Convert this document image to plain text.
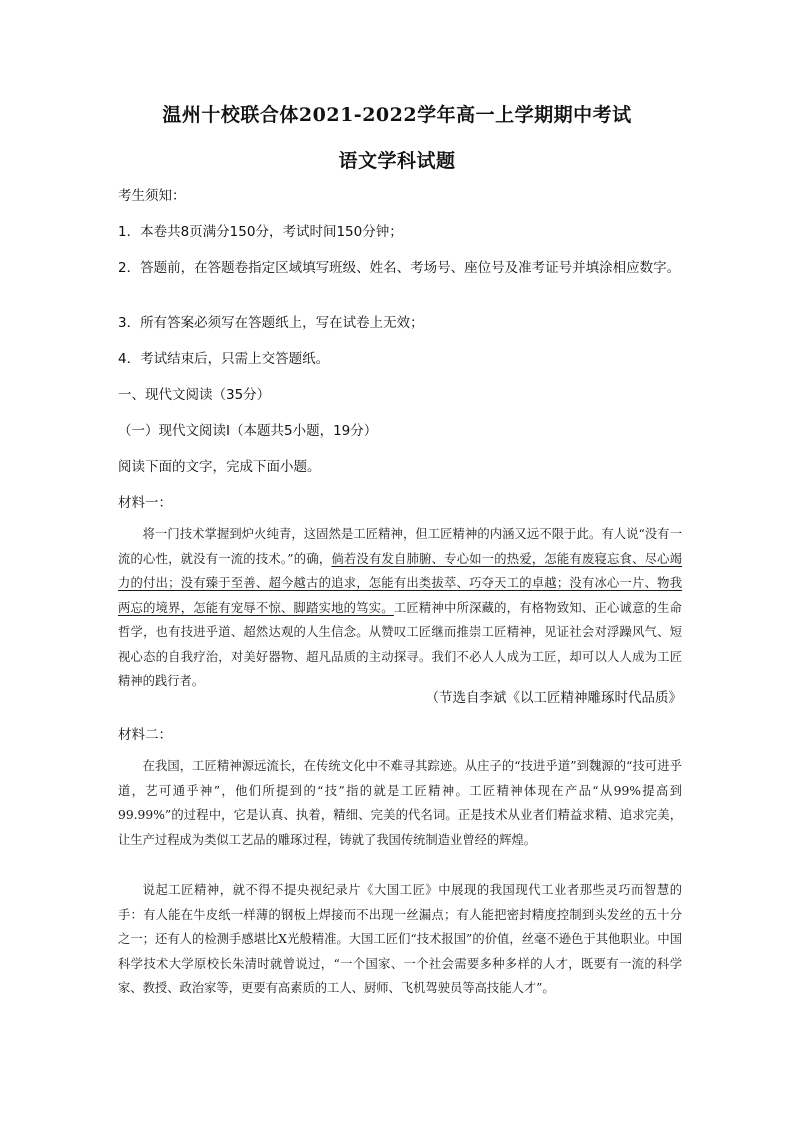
温州十校联合体2021-2022学年高一上学期期中考试
语文学科试题
考生须知：
1．本卷共8页满分150分，考试时间150分钟；
2．答题前，在答题卷指定区域填写班级、姓名、考场号、座位号及准考证号并填涂相应数字。
3．所有答案必须写在答题纸上，写在试卷上无效；
4．考试结束后，只需上交答题纸。
一、现代文阅读（35分）
（一）现代文阅读Ⅰ（本题共5小题，19分）
阅读下面的文字，完成下面小题。
材料一：
将一门技术掌握到炉火纯青，这固然是工匠精神，但工匠精神的内涵又远不限于此。有人说“没有一流的心性，就没有一流的技术。”的确，倘若没有发自肺腑、专心如一的热爱，怎能有废寝忘食、尽心竭力的付出；没有臻于至善、超今越古的追求，怎能有出类拔萃、巧夺天工的卓越；没有冰心一片、物我两忘的境界，怎能有宠辱不惊、脚踏实地的笃实。工匠精神中所深藏的，有格物致知、正心诚意的生命哲学，也有技进乎道、超然达观的人生信念。从赞叹工匠继而推崇工匠精神，见证社会对浮躁风气、短视心态的自我疗治，对美好器物、超凡品质的主动探寻。我们不必人人成为工匠，却可以人人成为工匠精神的践行者。
（节选自李斌《以工匠精神雕琢时代品质》
材料二：
在我国，工匠精神源远流长，在传统文化中不难寻其踪迹。从庄子的“技进乎道”到魏源的“技可进乎道，艺可通乎神”，他们所提到的“技”指的就是工匠精神。工匠精神体现在产品“从99%提高到99.99%”的过程中，它是认真、执着，精细、完美的代名词。正是技术从业者们精益求精、追求完美，让生产过程成为类似工艺品的雕琢过程，铸就了我国传统制造业曾经的辉煌。
说起工匠精神，就不得不提央视纪录片《大国工匠》中展现的我国现代工业者那些灵巧而智慧的手：有人能在牛皮纸一样薄的钢板上焊接而不出现一丝漏点；有人能把密封精度控制到头发丝的五十分之一；还有人的检测手感堪比X光般精准。大国工匠们“技术报国”的价值，丝毫不逊色于其他职业。中国科学技术大学原校长朱清时就曾说过，“一个国家、一个社会需要多种多样的人才，既要有一流的科学家、教授、政治家等，更要有高素质的工人、厨师、飞机驾驶员等高技能人才”。
